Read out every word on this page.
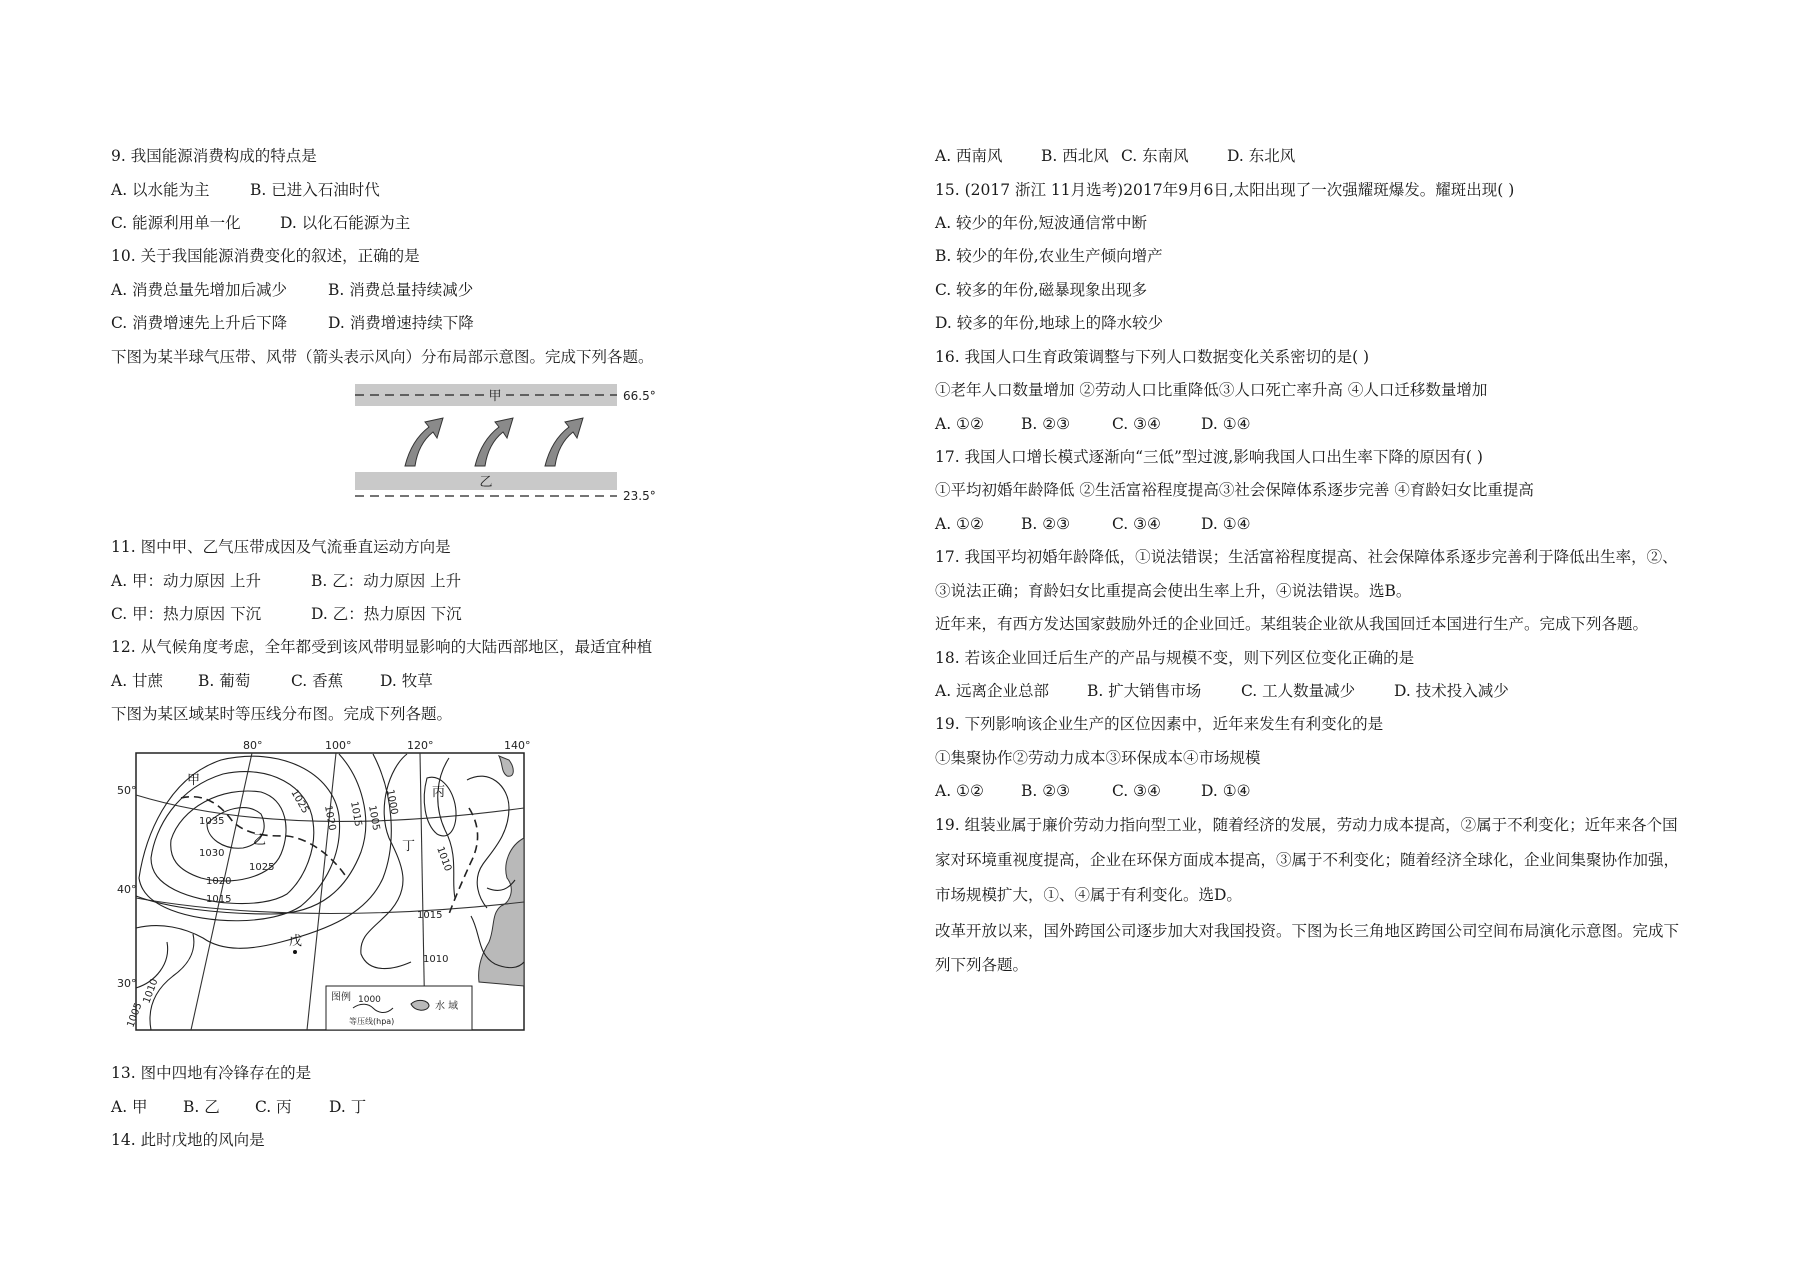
9. 我国能源消费构成的特点是
A. 以水能为主	B. 已进入石油时代
C. 能源利用单一化	D. 以化石能源为主
10. 关于我国能源消费变化的叙述，正确的是
A. 消费总量先增加后减少	B. 消费总量持续减少
C. 消费增速先上升后下降	D. 消费增速持续下降
下图为某半球气压带、风带（箭头表示风向）分布局部示意图。完成下列各题。
甲	66.5°
乙
23.5°
11. 图中甲、乙气压带成因及气流垂直运动方向是
A. 甲：动力原因 上升	B. 乙：动力原因 上升
C. 甲：热力原因 下沉	D. 乙：热力原因 下沉
12. 从气候角度考虑，全年都受到该风带明显影响的大陆西部地区，最适宜种植
A. 甘蔗 B. 葡萄	C. 香蕉 D. 牧草
下图为某区域某时等压线分布图。完成下列各题。
80°	100°	120°	140°
50°
40°
30°
1035
1030
1025
1020
1015
1010
1005
1025
1020 1015 1005
1000
1010
1015
1010
甲
乙
丙
丁
戊
图例 1000
等压线(hpa)
水 域
13. 图中四地有冷锋存在的是
A. 甲 B. 乙 C. 丙 D. 丁
14. 此时戊地的风向是
A. 西南风 B. 西北风 C. 东南风 D. 东北风
15. (2017 浙江 11月选考)2017年9月6日,太阳出现了一次强耀斑爆发。耀斑出现( )
A. 较少的年份,短波通信常中断
B. 较少的年份,农业生产倾向增产
C. 较多的年份,磁暴现象出现多
D. 较多的年份,地球上的降水较少
16. 我国人口生育政策调整与下列人口数据变化关系密切的是( )
①老年人口数量增加 ②劳动人口比重降低③人口死亡率升高 ④人口迁移数量增加
A. ①② B. ②③	C. ③④	D. ①④
17. 我国人口增长模式逐渐向“三低”型过渡,影响我国人口出生率下降的原因有( )
①平均初婚年龄降低 ②生活富裕程度提高③社会保障体系逐步完善 ④育龄妇女比重提高
A. ①② B. ②③	C. ③④	D. ①④
17. 我国平均初婚年龄降低，①说法错误；生活富裕程度提高、社会保障体系逐步完善利于降低出生率，②、
③说法正确；育龄妇女比重提高会使出生率上升，④说法错误。选B。
近年来，有西方发达国家鼓励外迁的企业回迁。某组装企业欲从我国回迁本国进行生产。完成下列各题。
18. 若该企业回迁后生产的产品与规模不变，则下列区位变化正确的是
A. 远离企业总部 B. 扩大销售市场	C. 工人数量减少	D. 技术投入减少
19. 下列影响该企业生产的区位因素中，近年来发生有利变化的是
①集聚协作②劳动力成本③环保成本④市场规模
A. ①② B. ②③	C. ③④	D. ①④
19. 组装业属于廉价劳动力指向型工业，随着经济的发展，劳动力成本提高，②属于不利变化；近年来各个国
家对环境重视度提高，企业在环保方面成本提高，③属于不利变化；随着经济全球化，企业间集聚协作加强，
市场规模扩大，①、④属于有利变化。选D。
改革开放以来，国外跨国公司逐步加大对我国投资。下图为长三角地区跨国公司空间布局演化示意图。完成下
列下列各题。
